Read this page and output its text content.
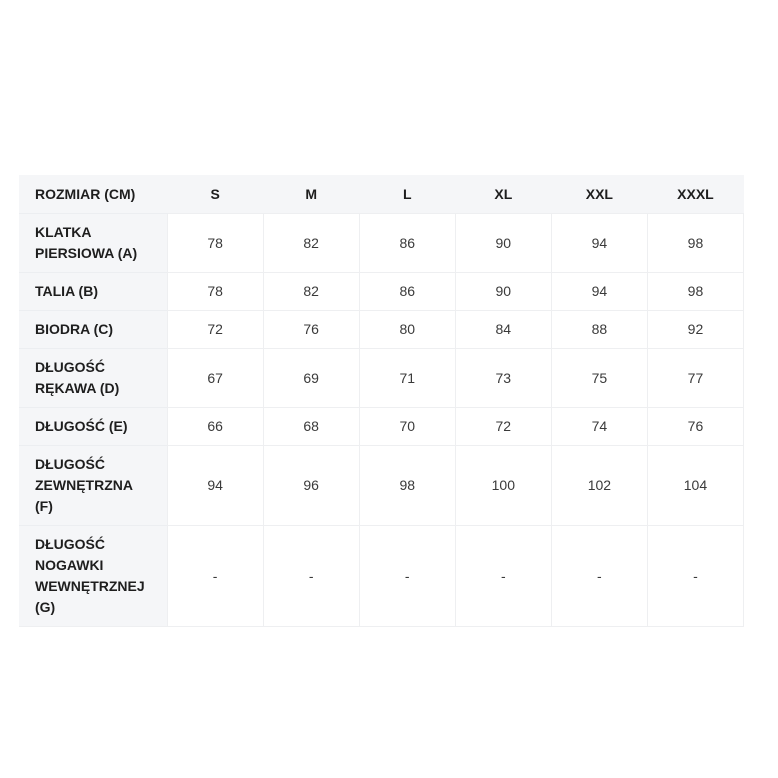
ROZMIAR (CM)	S	M	L	XL	XXL	XXXL

KLATKA
PIERSIOWA (A)	78	82	86	90	94	98

TALIA (B)	78	82	86	90	94	98

BIODRA (C)	72	76	80	84	88	92

DŁUGOŚĆ
RĘKAWA (D)	67	69	71	73	75	77

DŁUGOŚĆ (E)	66	68	70	72	74	76

DŁUGOŚĆ
ZEWNĘTRZNA
(F)	94	96	98	100	102	104

DŁUGOŚĆ
NOGAWKI
WEWNĘTRZNEJ
(G)	-	-	-	-	-	-
